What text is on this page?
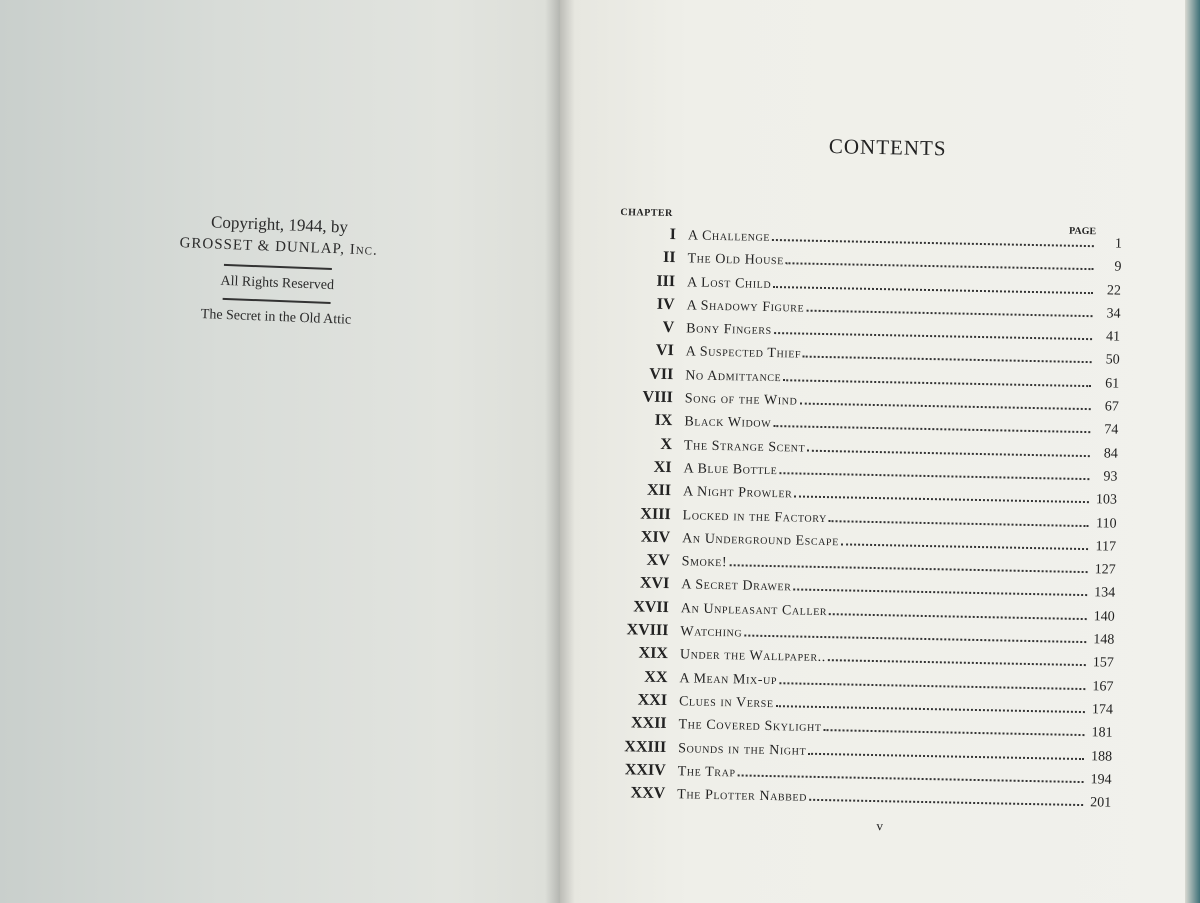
Copyright, 1944, by
GROSSET & DUNLAP, Inc.
All Rights Reserved
The Secret in the Old Attic
CONTENTS
CHAPTER
PAGE
I A Challenge	1
II The Old House	9
III A Lost Child	22
IV A Shadowy Figure	34
V Bony Fingers	41
VI A Suspected Thief	50
VII No Admittance	61
VIII Song of the Wind	67
IX Black Widow	74
X The Strange Scent	84
XI A Blue Bottle	93
XII A Night Prowler	103
XIII Locked in the Factory	110
XIV An Underground Escape	117
XV Smoke!	127
XVI A Secret Drawer	134
XVII An Unpleasant Caller	140
XVIII Watching	148
XIX Under the Wallpaper..	157
XX A Mean Mix-up	167
XXI Clues in Verse	174
XXII The Covered Skylight	181
XXIII Sounds in the Night	188
XXIV The Trap	194
XXV The Plotter Nabbed	201
v
